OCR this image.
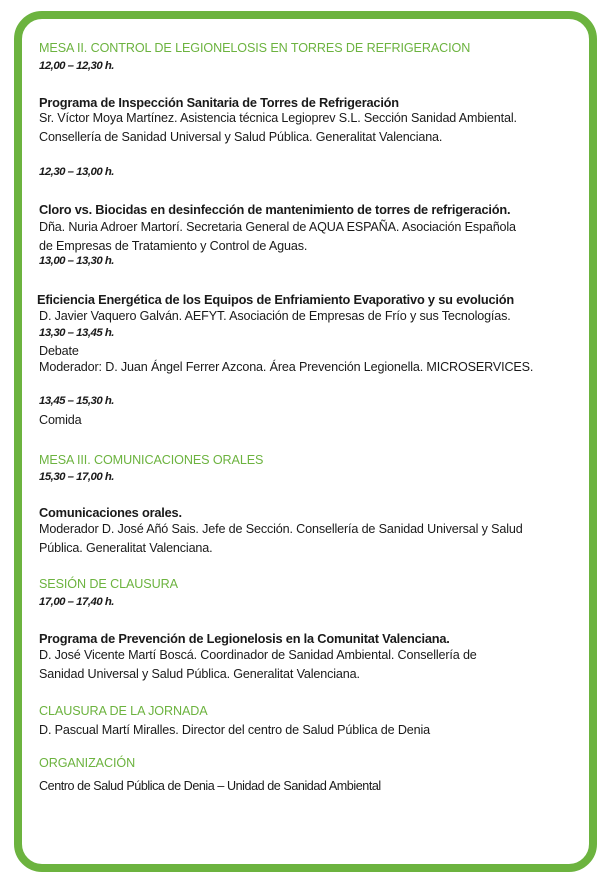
MESA II. CONTROL DE LEGIONELOSIS EN TORRES DE REFRIGERACION

12,00 – 12,30 h.

Programa de Inspección Sanitaria de Torres de Refrigeración

Sr. Víctor Moya Martínez. Asistencia técnica Legioprev S.L. Sección Sanidad Ambiental.
Consellería de Sanidad Universal y Salud Pública. Generalitat Valenciana.

12,30 – 13,00 h.

Cloro vs. Biocidas en desinfección de mantenimiento de torres de refrigeración.

Dña. Nuria Adroer Martorí. Secretaria General de AQUA ESPAÑA. Asociación Española
de Empresas de Tratamiento y Control de Aguas.

13,00 – 13,30 h.

Eficiencia Energética de los Equipos de Enfriamiento Evaporativo y su evolución

D. Javier Vaquero Galván. AEFYT. Asociación de Empresas de Frío y sus Tecnologías.

13,30 – 13,45 h.

Debate

Moderador: D. Juan Ángel Ferrer Azcona. Área Prevención Legionella. MICROSERVICES.

13,45 – 15,30 h.

Comida

MESA III. COMUNICACIONES ORALES

15,30 – 17,00 h.

Comunicaciones orales.

Moderador D. José Añó Sais. Jefe de Sección. Consellería de Sanidad Universal y Salud
Pública. Generalitat Valenciana.

SESIÓN DE CLAUSURA

17,00 – 17,40 h.

Programa de Prevención de Legionelosis en la Comunitat Valenciana.

D. José Vicente Martí Boscá. Coordinador de Sanidad Ambiental. Consellería de
Sanidad Universal y Salud Pública. Generalitat Valenciana.

CLAUSURA DE LA JORNADA

D. Pascual Martí Miralles. Director del centro de Salud Pública de Denia

ORGANIZACIÓN

Centro de Salud Pública de Denia – Unidad de Sanidad Ambiental
